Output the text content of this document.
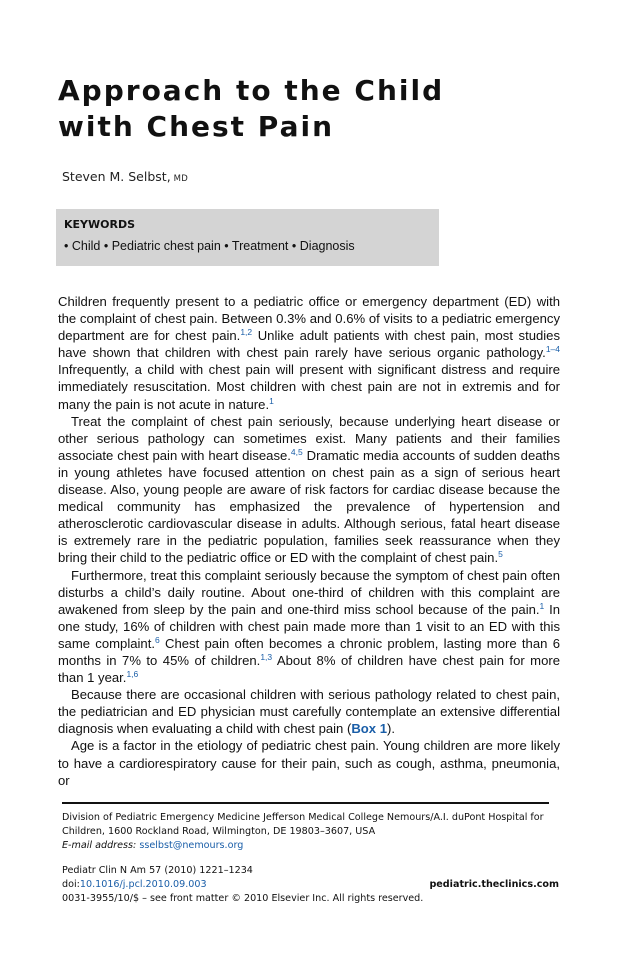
Approach to the Child
with Chest Pain
Steven M. Selbst, MD
KEYWORDS
• Child • Pediatric chest pain • Treatment • Diagnosis

Children frequently present to a pediatric office or emergency department (ED) with the complaint of chest pain. Between 0.3% and 0.6% of visits to a pediatric emergency department are for chest pain.$^{1,2}$ Unlike adult patients with chest pain, most studies have shown that children with chest pain rarely have serious organic pathology.$^{1-4}$ Infrequently, a child with chest pain will present with significant distress and require immediately resuscitation. Most children with chest pain are not in extremis and for many the pain is not acute in nature.$^1$

Treat the complaint of chest pain seriously, because underlying heart disease or other serious pathology can sometimes exist. Many patients and their families associate chest pain with heart disease.$^{4,5}$ Dramatic media accounts of sudden deaths in young athletes have focused attention on chest pain as a sign of serious heart disease. Also, young people are aware of risk factors for cardiac disease because the medical community has emphasized the prevalence of hypertension and atherosclerotic cardiovascular disease in adults. Although serious, fatal heart disease is extremely rare in the pediatric population, families seek reassurance when they bring their child to the pediatric office or ED with the complaint of chest pain.$^5$

Furthermore, treat this complaint seriously because the symptom of chest pain often disturbs a child’s daily routine. About one-third of children with this complaint are awakened from sleep by the pain and one-third miss school because of the pain.$^1$ In one study, 16% of children with chest pain made more than 1 visit to an ED with this same complaint.$^6$ Chest pain often becomes a chronic problem, lasting more than 6 months in 7% to 45% of children.$^{1,3}$ About 8% of children have chest pain for more than 1 year.$^{1,6}$

Because there are occasional children with serious pathology related to chest pain, the pediatrician and ED physician must carefully contemplate an extensive differential diagnosis when evaluating a child with chest pain (Box 1).

Age is a factor in the etiology of pediatric chest pain. Young children are more likely to have a cardiorespiratory cause for their pain, such as cough, asthma, pneumonia, or

Division of Pediatric Emergency Medicine Jefferson Medical College Nemours/A.I. duPont Hospital for Children, 1600 Rockland Road, Wilmington, DE 19803–3607, USA

E-mail address: sselbst@nemours.org
Pediatr Clin N Am 57 (2010) 1221–1234
doi:10.1016/j.pcl.2010.09.003	pediatric.theclinics.com
0031-3955/10/$ – see front matter © 2010 Elsevier Inc. All rights reserved.
